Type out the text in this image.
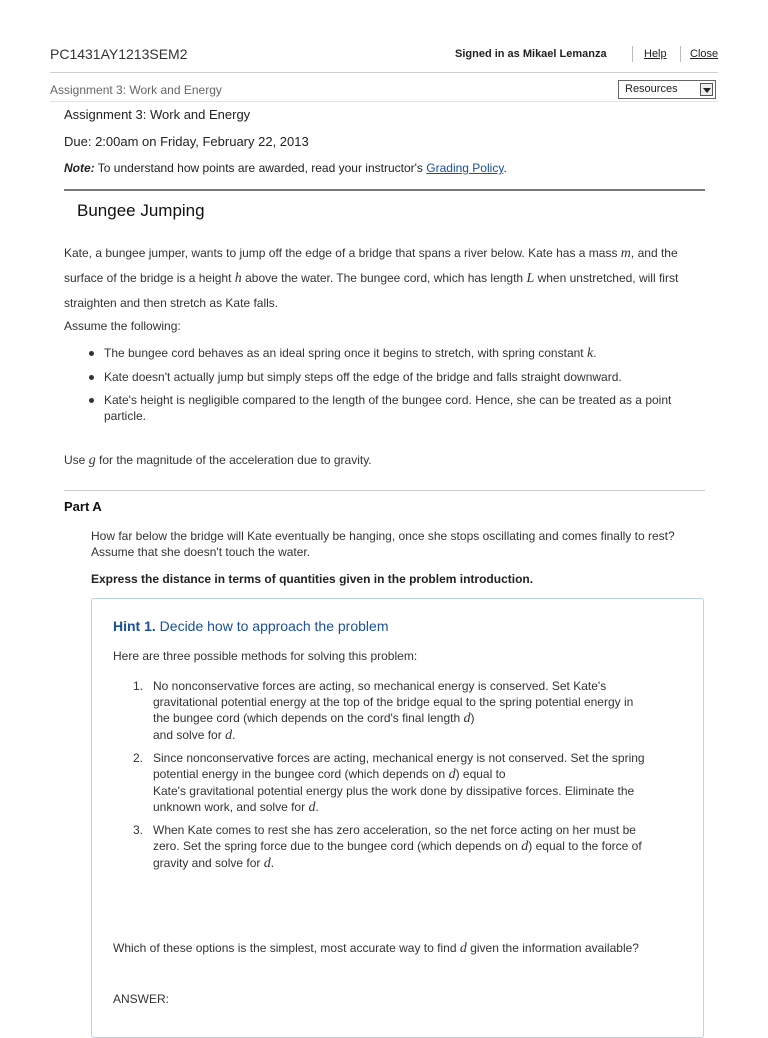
PC1431AY1213SEM2	Signed in as Mikael Lemanza	Help Close
Assignment 3: Work and Energy	Resources
Assignment 3: Work and Energy
Due: 2:00am on Friday, February 22, 2013
Note: To understand how points are awarded, read your instructor's Grading Policy.
Bungee Jumping
Kate, a bungee jumper, wants to jump off the edge of a bridge that spans a river below. Kate has a mass m, and the surface of the bridge is a height h above the water. The bungee cord, which has length L when unstretched, will first straighten and then stretch as Kate falls.
Assume the following:
The bungee cord behaves as an ideal spring once it begins to stretch, with spring constant k.
Kate doesn't actually jump but simply steps off the edge of the bridge and falls straight downward.
Kate's height is negligible compared to the length of the bungee cord. Hence, she can be treated as a point particle.
Use g for the magnitude of the acceleration due to gravity.
Part A
How far below the bridge will Kate eventually be hanging, once she stops oscillating and comes finally to rest? Assume that she doesn't touch the water.
Express the distance in terms of quantities given in the problem introduction.
Hint 1. Decide how to approach the problem
Here are three possible methods for solving this problem:
1. No nonconservative forces are acting, so mechanical energy is conserved. Set Kate's gravitational potential energy at the top of the bridge equal to the spring potential energy in the bungee cord (which depends on the cord's final length d)
and solve for d.
2. Since nonconservative forces are acting, mechanical energy is not conserved. Set the spring potential energy in the bungee cord (which depends on d) equal to
Kate's gravitational potential energy plus the work done by dissipative forces. Eliminate the unknown work, and solve for d.
3. When Kate comes to rest she has zero acceleration, so the net force acting on her must be zero. Set the spring force due to the bungee cord (which depends on d) equal to the force of gravity and solve for d.
Which of these options is the simplest, most accurate way to find d given the information available?
ANSWER:
